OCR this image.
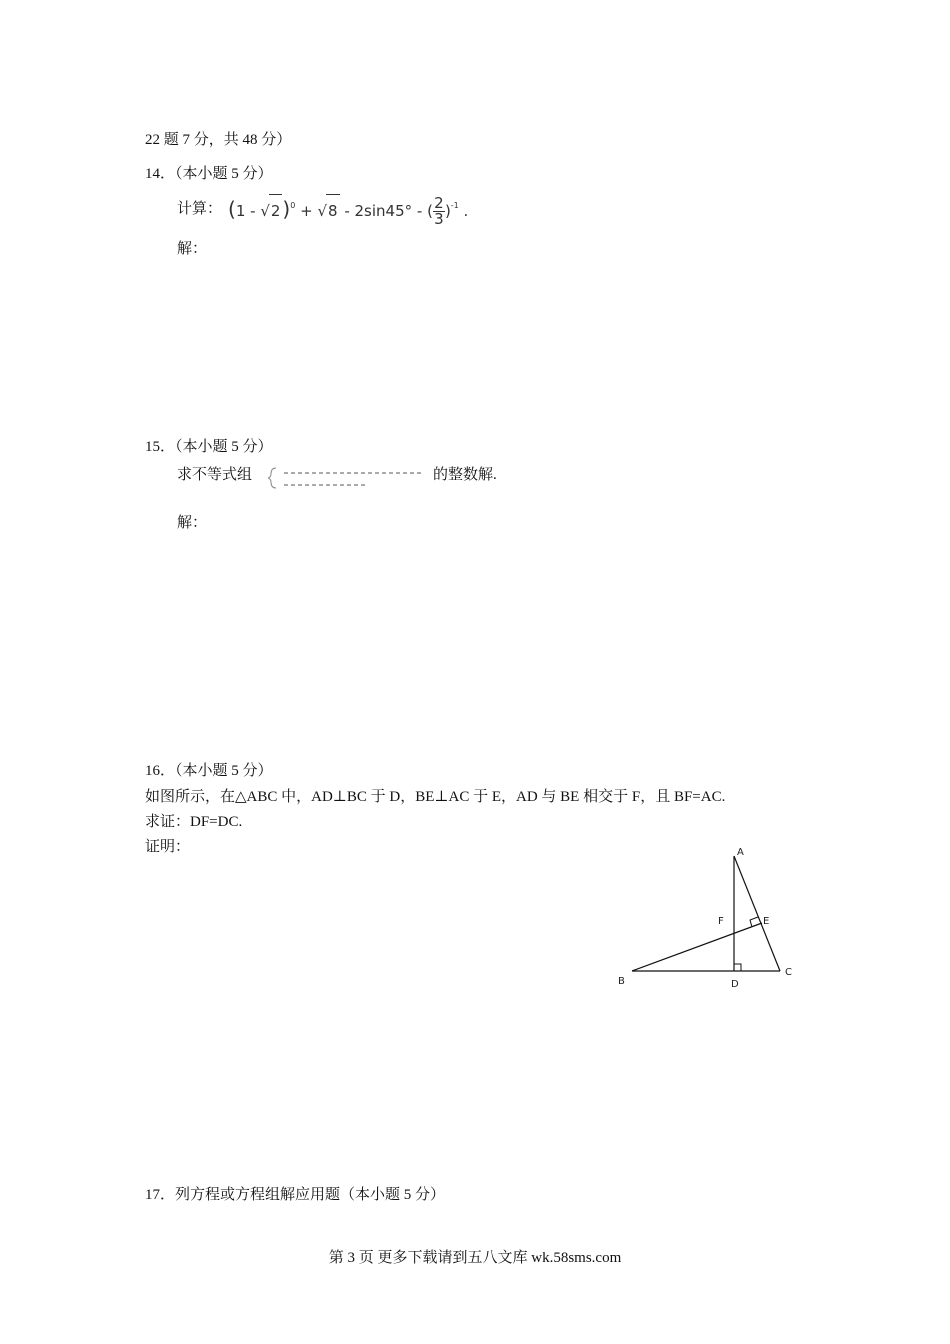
22 题 7 分，共 48 分）
14．（本小题 5 分）
计算： (1 - √2 )$^0$ + √8 - 2sin45° - ( $\frac{2}{3} )^{-1}$ .
解：
15．（本小题 5 分）
求不等式组	的整数解.
解：
16．（本小题 5 分）
如图所示，在△ABC 中，AD⊥BC 于 D，BE⊥AC 于 E，AD 与 BE 相交于 F，且 BF=AC.
求证：DF=DC.
证明：	A
B
C
D
E
F
17．列方程或方程组解应用题（本小题 5 分）
第 3 页 更多下载请到五八文库 wk.58sms.com
